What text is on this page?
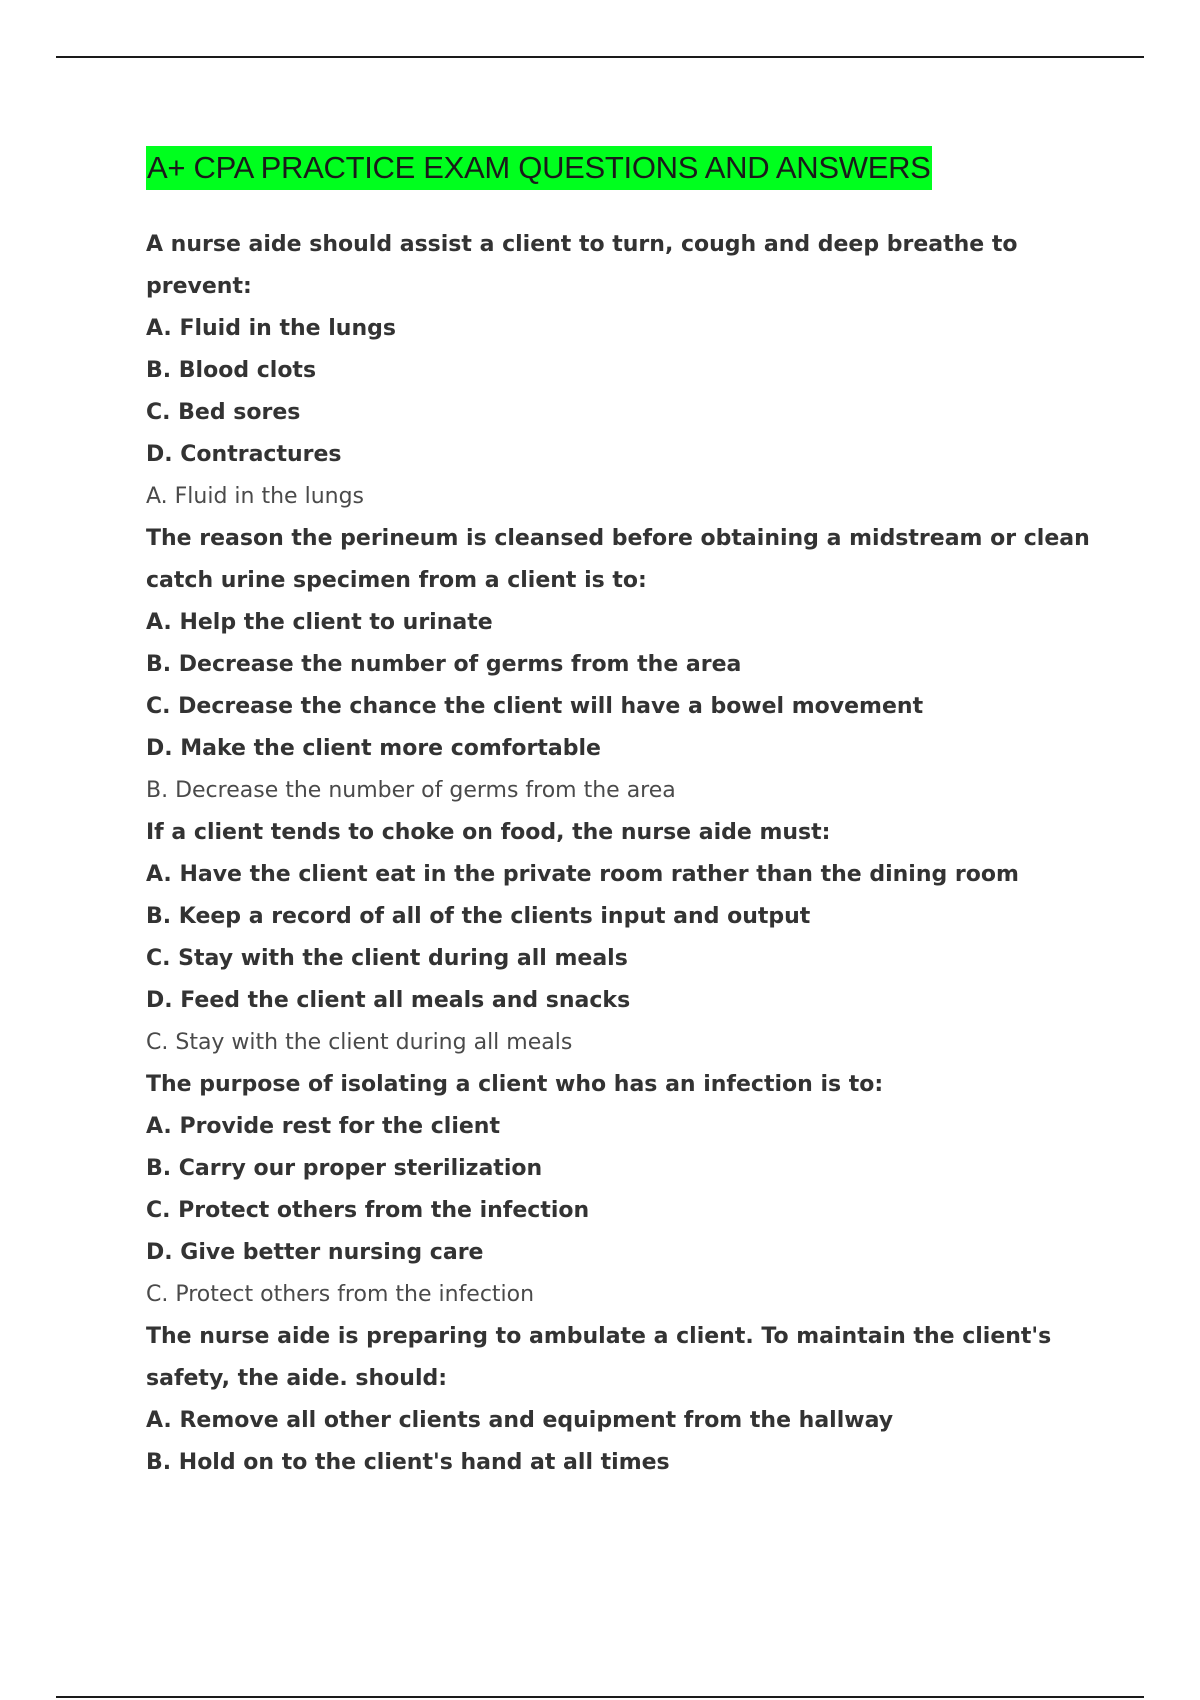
A+ CPA PRACTICE EXAM QUESTIONS AND ANSWERS

A nurse aide should assist a client to turn, cough and deep breathe to prevent:

A. Fluid in the lungs

B. Blood clots

C. Bed sores

D. Contractures

A. Fluid in the lungs

The reason the perineum is cleansed before obtaining a midstream or clean catch urine specimen from a client is to:

A. Help the client to urinate

B. Decrease the number of germs from the area

C. Decrease the chance the client will have a bowel movement

D. Make the client more comfortable

B. Decrease the number of germs from the area

If a client tends to choke on food, the nurse aide must:

A. Have the client eat in the private room rather than the dining room

B. Keep a record of all of the clients input and output

C. Stay with the client during all meals

D. Feed the client all meals and snacks

C. Stay with the client during all meals

The purpose of isolating a client who has an infection is to:

A. Provide rest for the client

B. Carry our proper sterilization

C. Protect others from the infection

D. Give better nursing care

C. Protect others from the infection

The nurse aide is preparing to ambulate a client. To maintain the client's safety, the aide. should:

A. Remove all other clients and equipment from the hallway

B. Hold on to the client's hand at all times
